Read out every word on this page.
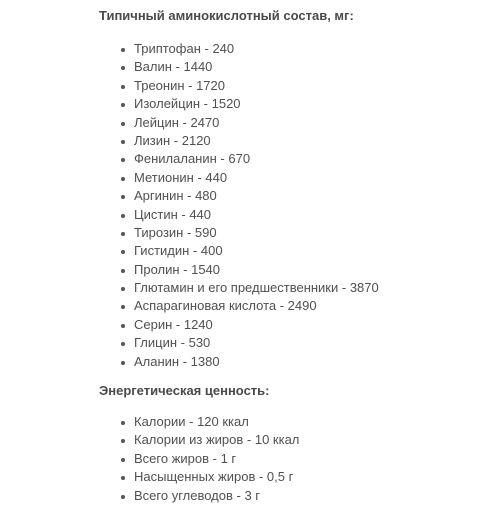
Типичный аминокислотный состав, мг:

Триптофан - 240
Валин - 1440
Треонин - 1720
Изолейцин - 1520
Лейцин - 2470
Лизин - 2120
Фенилаланин - 670
Метионин - 440
Аргинин - 480
Цистин - 440
Тирозин - 590
Гистидин - 400
Пролин - 1540
Глютамин и его предшественники - 3870
Аспарагиновая кислота - 2490
Серин - 1240
Глицин - 530
Аланин - 1380

Энергетическая ценность:

Калории - 120 ккал
Калории из жиров - 10 ккал
Всего жиров - 1 г
Насыщенных жиров - 0,5 г
Всего углеводов - 3 г
